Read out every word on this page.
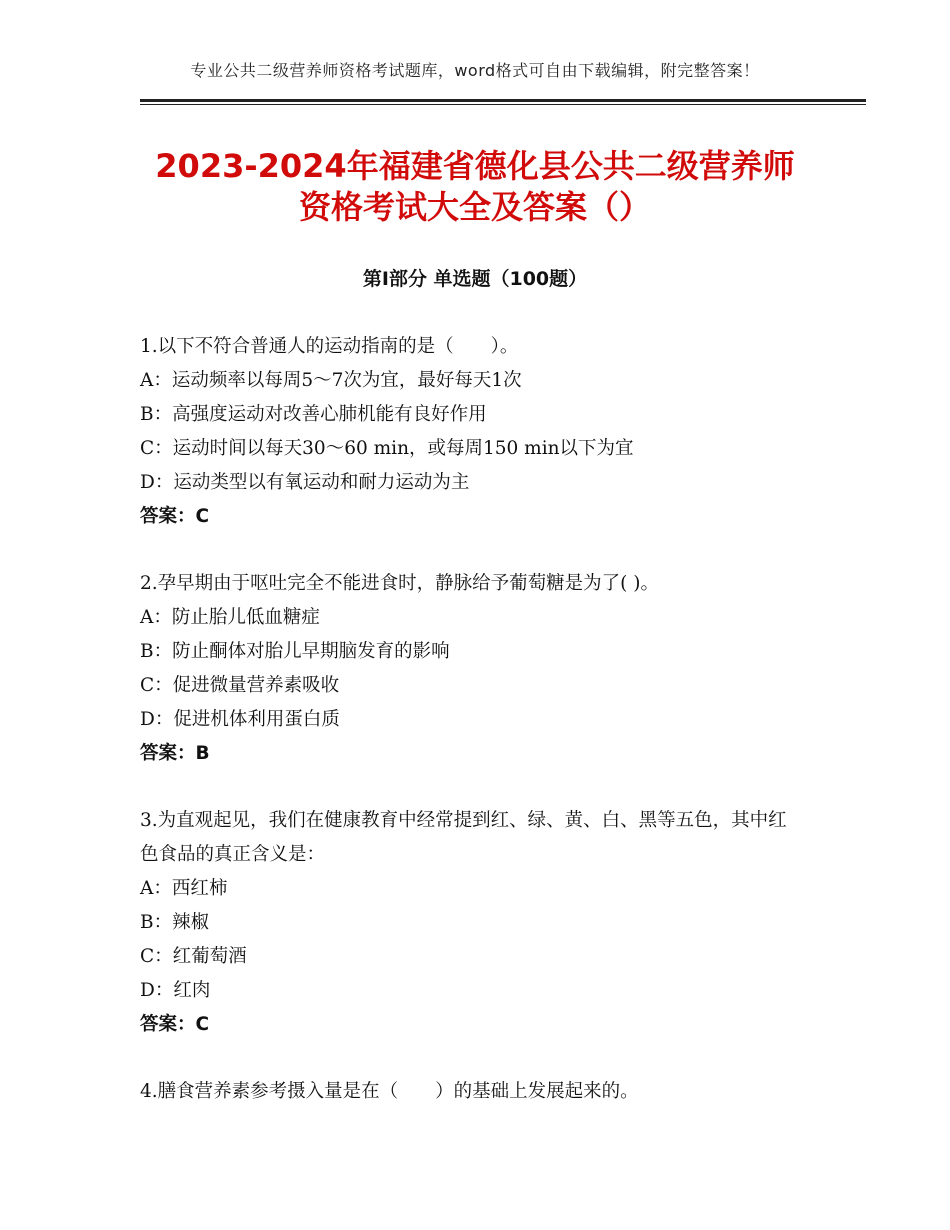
专业公共二级营养师资格考试题库，word格式可自由下载编辑，附完整答案！
2023-2024年福建省德化县公共二级营养师
资格考试大全及答案（）
第Ⅰ部分 单选题（100题）
1.以下不符合普通人的运动指南的是（　　）。
A：运动频率以每周5～7次为宜，最好每天1次
B：高强度运动对改善心肺机能有良好作用
C：运动时间以每天30～60 min，或每周150 min以下为宜
D：运动类型以有氧运动和耐力运动为主
答案：C
2.孕早期由于呕吐完全不能进食时，静脉给予葡萄糖是为了( )。
A：防止胎儿低血糖症
B：防止酮体对胎儿早期脑发育的影响
C：促进微量营养素吸收
D：促进机体利用蛋白质
答案：B
3.为直观起见，我们在健康教育中经常提到红、绿、黄、白、黑等五色，其中红色食品的真正含义是：
A：西红柿
B：辣椒
C：红葡萄酒
D：红肉
答案：C
4.膳食营养素参考摄入量是在（　　）的基础上发展起来的。
